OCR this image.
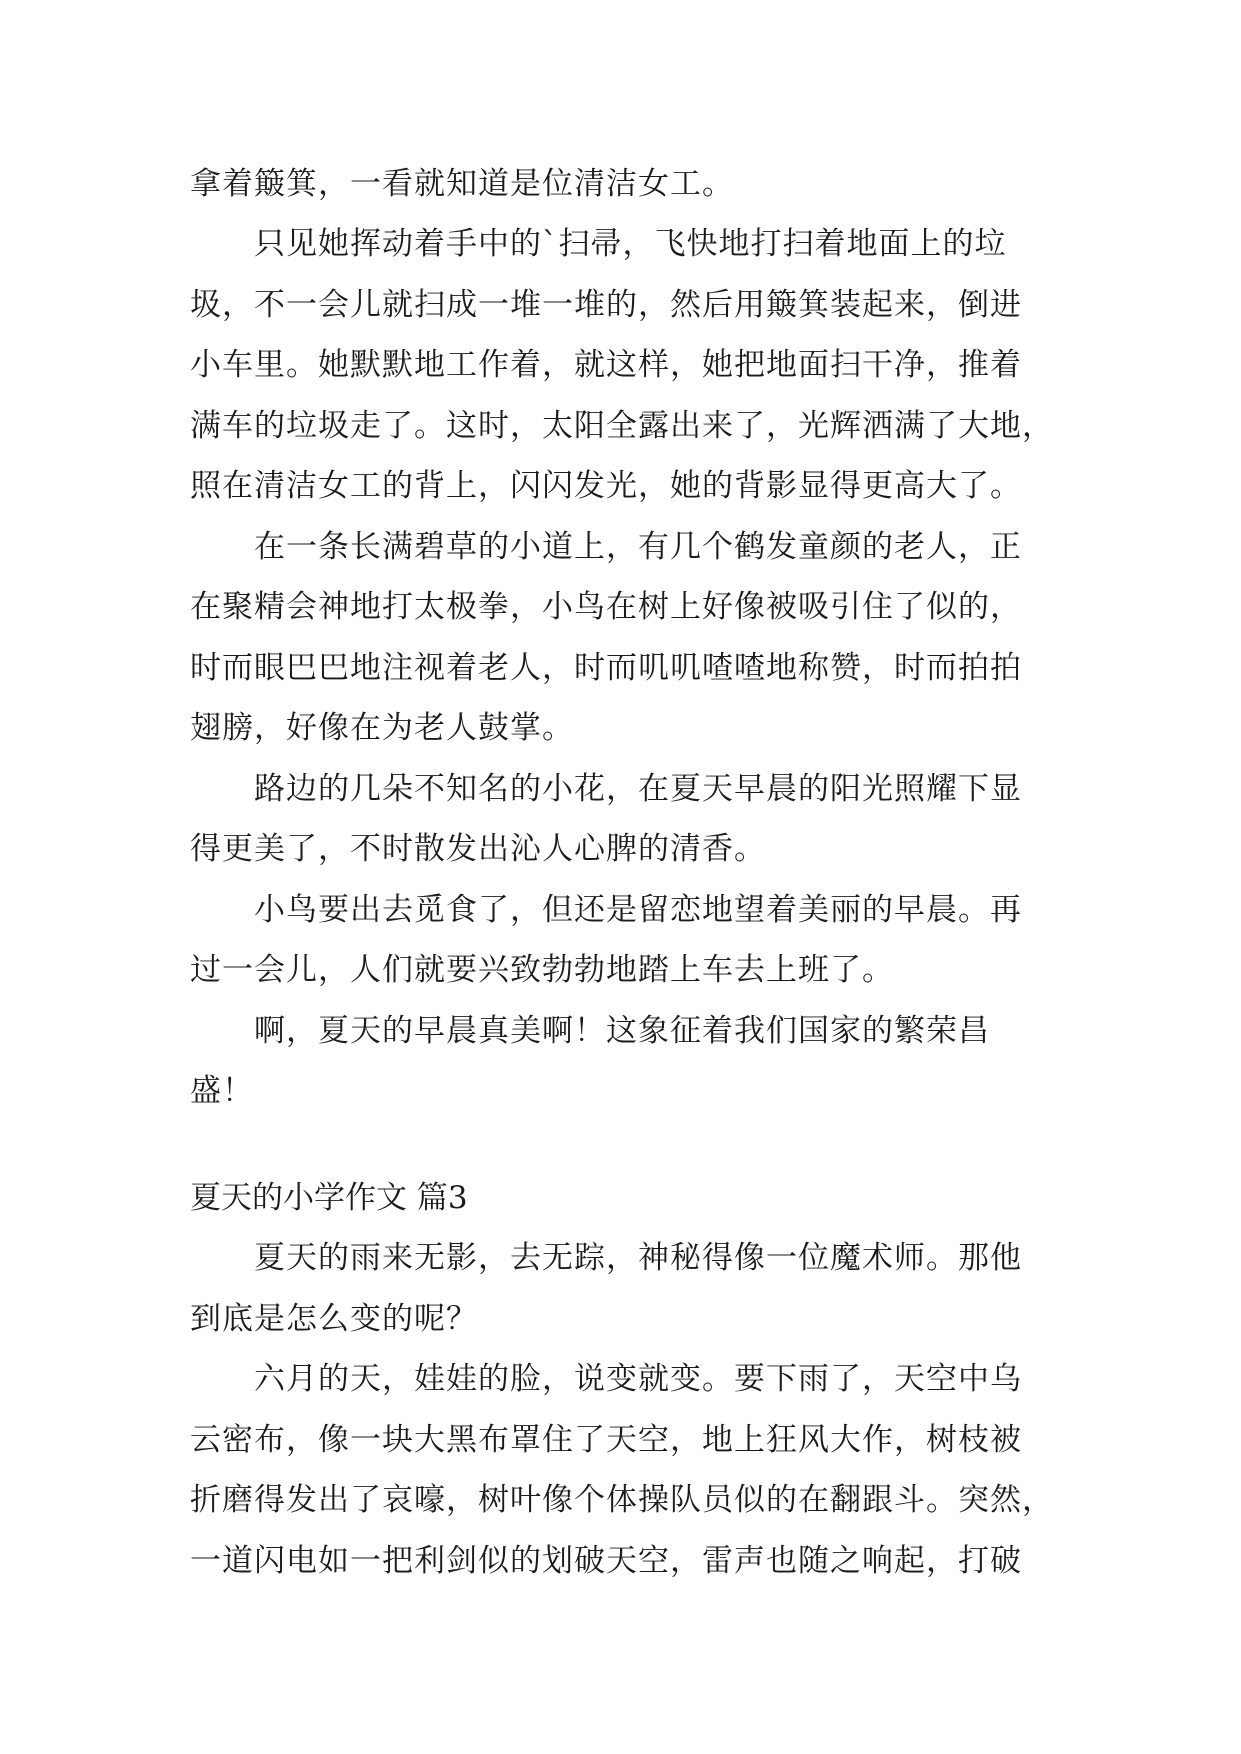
拿着簸箕，一看就知道是位清洁女工。
只见她挥动着手中的`扫帚，飞快地打扫着地面上的垃
圾，不一会儿就扫成一堆一堆的，然后用簸箕装起来，倒进
小车里。她默默地工作着，就这样，她把地面扫干净，推着
满车的垃圾走了。这时，太阳全露出来了，光辉洒满了大地，
照在清洁女工的背上，闪闪发光，她的背影显得更高大了。
在一条长满碧草的小道上，有几个鹤发童颜的老人，正
在聚精会神地打太极拳，小鸟在树上好像被吸引住了似的，
时而眼巴巴地注视着老人，时而叽叽喳喳地称赞，时而拍拍
翅膀，好像在为老人鼓掌。
路边的几朵不知名的小花，在夏天早晨的阳光照耀下显
得更美了，不时散发出沁人心脾的清香。
小鸟要出去觅食了，但还是留恋地望着美丽的早晨。再
过一会儿，人们就要兴致勃勃地踏上车去上班了。
啊，夏天的早晨真美啊！这象征着我们国家的繁荣昌
盛！
夏天的小学作文 篇3
夏天的雨来无影，去无踪，神秘得像一位魔术师。那他
到底是怎么变的呢？
六月的天，娃娃的脸，说变就变。要下雨了，天空中乌
云密布，像一块大黑布罩住了天空，地上狂风大作，树枝被
折磨得发出了哀嚎，树叶像个体操队员似的在翻跟斗。突然，
一道闪电如一把利剑似的划破天空，雷声也随之响起，打破
